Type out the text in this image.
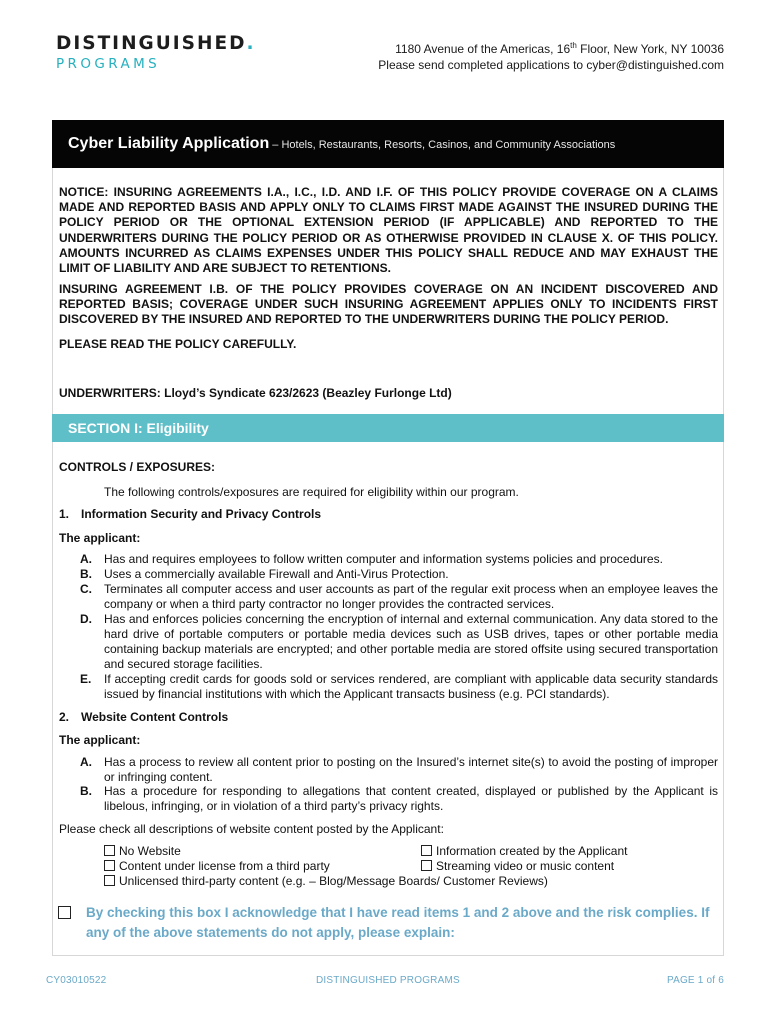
DISTINGUISHED.
PROGRAMS
1180 Avenue of the Americas, 16th Floor, New York, NY 10036
Please send completed applications to cyber@distinguished.com
Cyber Liability Application – Hotels, Restaurants, Resorts, Casinos, and Community Associations
NOTICE: INSURING AGREEMENTS I.A., I.C., I.D. AND I.F. OF THIS POLICY PROVIDE COVERAGE ON A CLAIMS MADE AND REPORTED BASIS AND APPLY ONLY TO CLAIMS FIRST MADE AGAINST THE INSURED DURING THE POLICY PERIOD OR THE OPTIONAL EXTENSION PERIOD (IF APPLICABLE) AND REPORTED TO THE UNDERWRITERS DURING THE POLICY PERIOD OR AS OTHERWISE PROVIDED IN CLAUSE X. OF THIS POLICY. AMOUNTS INCURRED AS CLAIMS EXPENSES UNDER THIS POLICY SHALL REDUCE AND MAY EXHAUST THE LIMIT OF LIABILITY AND ARE SUBJECT TO RETENTIONS.
INSURING AGREEMENT I.B. OF THE POLICY PROVIDES COVERAGE ON AN INCIDENT DISCOVERED AND REPORTED BASIS; COVERAGE UNDER SUCH INSURING AGREEMENT APPLIES ONLY TO INCIDENTS FIRST DISCOVERED BY THE INSURED AND REPORTED TO THE UNDERWRITERS DURING THE POLICY PERIOD.
PLEASE READ THE POLICY CAREFULLY.
UNDERWRITERS: Lloyd’s Syndicate 623/2623 (Beazley Furlonge Ltd)
SECTION I: Eligibility
CONTROLS / EXPOSURES:
The following controls/exposures are required for eligibility within our program.
1. Information Security and Privacy Controls
The applicant:
A. Has and requires employees to follow written computer and information systems policies and procedures.
B. Uses a commercially available Firewall and Anti-Virus Protection.
C. Terminates all computer access and user accounts as part of the regular exit process when an employee leaves the company or when a third party contractor no longer provides the contracted services.
D. Has and enforces policies concerning the encryption of internal and external communication. Any data stored to the hard drive of portable computers or portable media devices such as USB drives, tapes or other portable media containing backup materials are encrypted; and other portable media are stored offsite using secured transportation and secured storage facilities.
E. If accepting credit cards for goods sold or services rendered, are compliant with applicable data security standards issued by financial institutions with which the Applicant transacts business (e.g. PCI standards).
2. Website Content Controls
The applicant:
A. Has a process to review all content prior to posting on the Insured’s internet site(s) to avoid the posting of improper or infringing content.
B. Has a procedure for responding to allegations that content created, displayed or published by the Applicant is libelous, infringing, or in violation of a third party’s privacy rights.
Please check all descriptions of website content posted by the Applicant:
No Website	Information created by the Applicant
Content under license from a third party	Streaming video or music content
Unlicensed third-party content (e.g. – Blog/Message Boards/ Customer Reviews)
By checking this box I acknowledge that I have read items 1 and 2 above and the risk complies. If any of the above statements do not apply, please explain:
CY03010522	DISTINGUISHED PROGRAMS	PAGE 1 of 6
